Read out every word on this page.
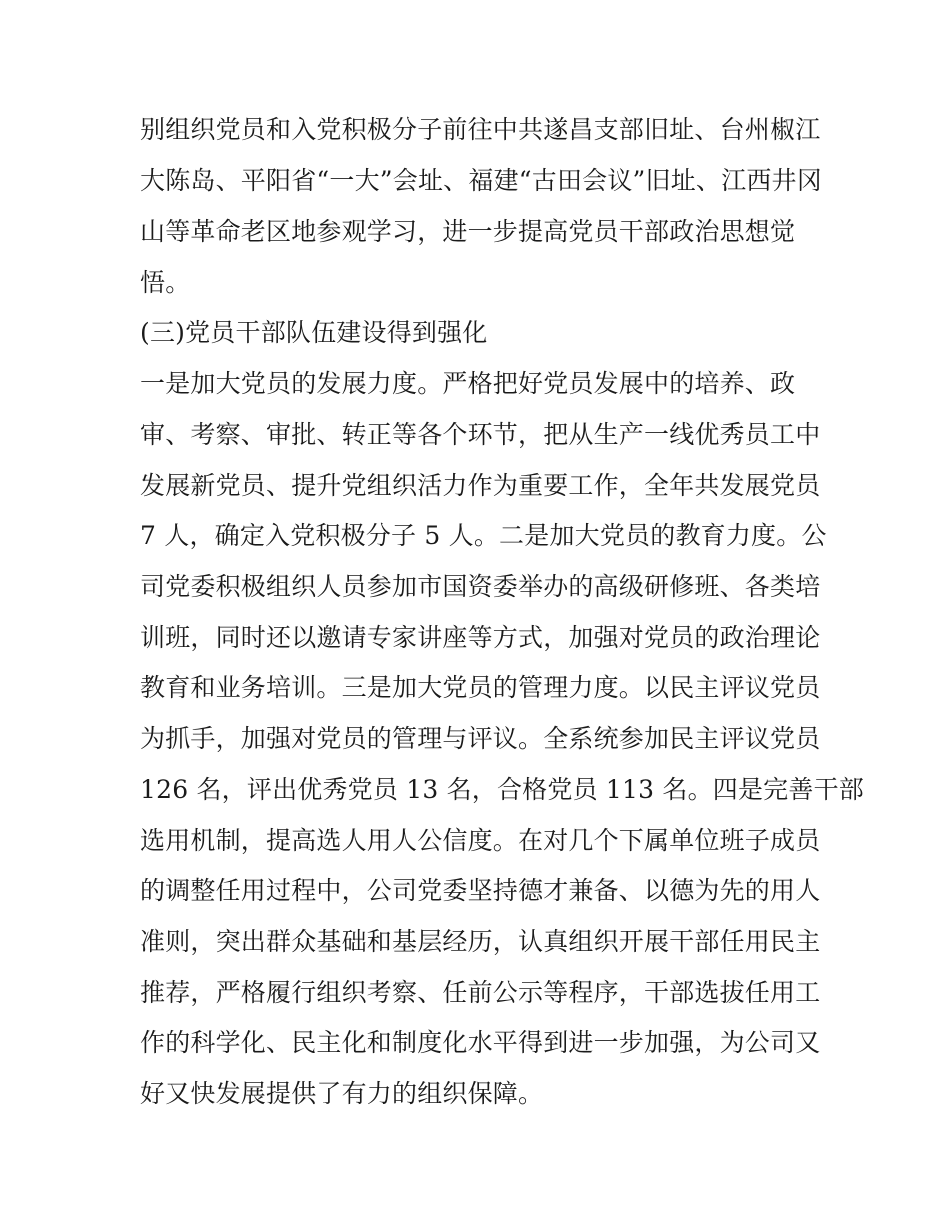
别组织党员和入党积极分子前往中共遂昌支部旧址、台州椒江
大陈岛、平阳省“一大”会址、福建“古田会议”旧址、江西井冈
山等革命老区地参观学习，进一步提高党员干部政治思想觉
悟。
(三)党员干部队伍建设得到强化
一是加大党员的发展力度。严格把好党员发展中的培养、政
审、考察、审批、转正等各个环节，把从生产一线优秀员工中
发展新党员、提升党组织活力作为重要工作，全年共发展党员
7 人，确定入党积极分子 5 人。二是加大党员的教育力度。公
司党委积极组织人员参加市国资委举办的高级研修班、各类培
训班，同时还以邀请专家讲座等方式，加强对党员的政治理论
教育和业务培训。三是加大党员的管理力度。以民主评议党员
为抓手，加强对党员的管理与评议。全系统参加民主评议党员
126 名，评出优秀党员 13 名，合格党员 113 名。四是完善干部
选用机制，提高选人用人公信度。在对几个下属单位班子成员
的调整任用过程中，公司党委坚持德才兼备、以德为先的用人
准则，突出群众基础和基层经历，认真组织开展干部任用民主
推荐，严格履行组织考察、任前公示等程序，干部选拔任用工
作的科学化、民主化和制度化水平得到进一步加强，为公司又
好又快发展提供了有力的组织保障。
